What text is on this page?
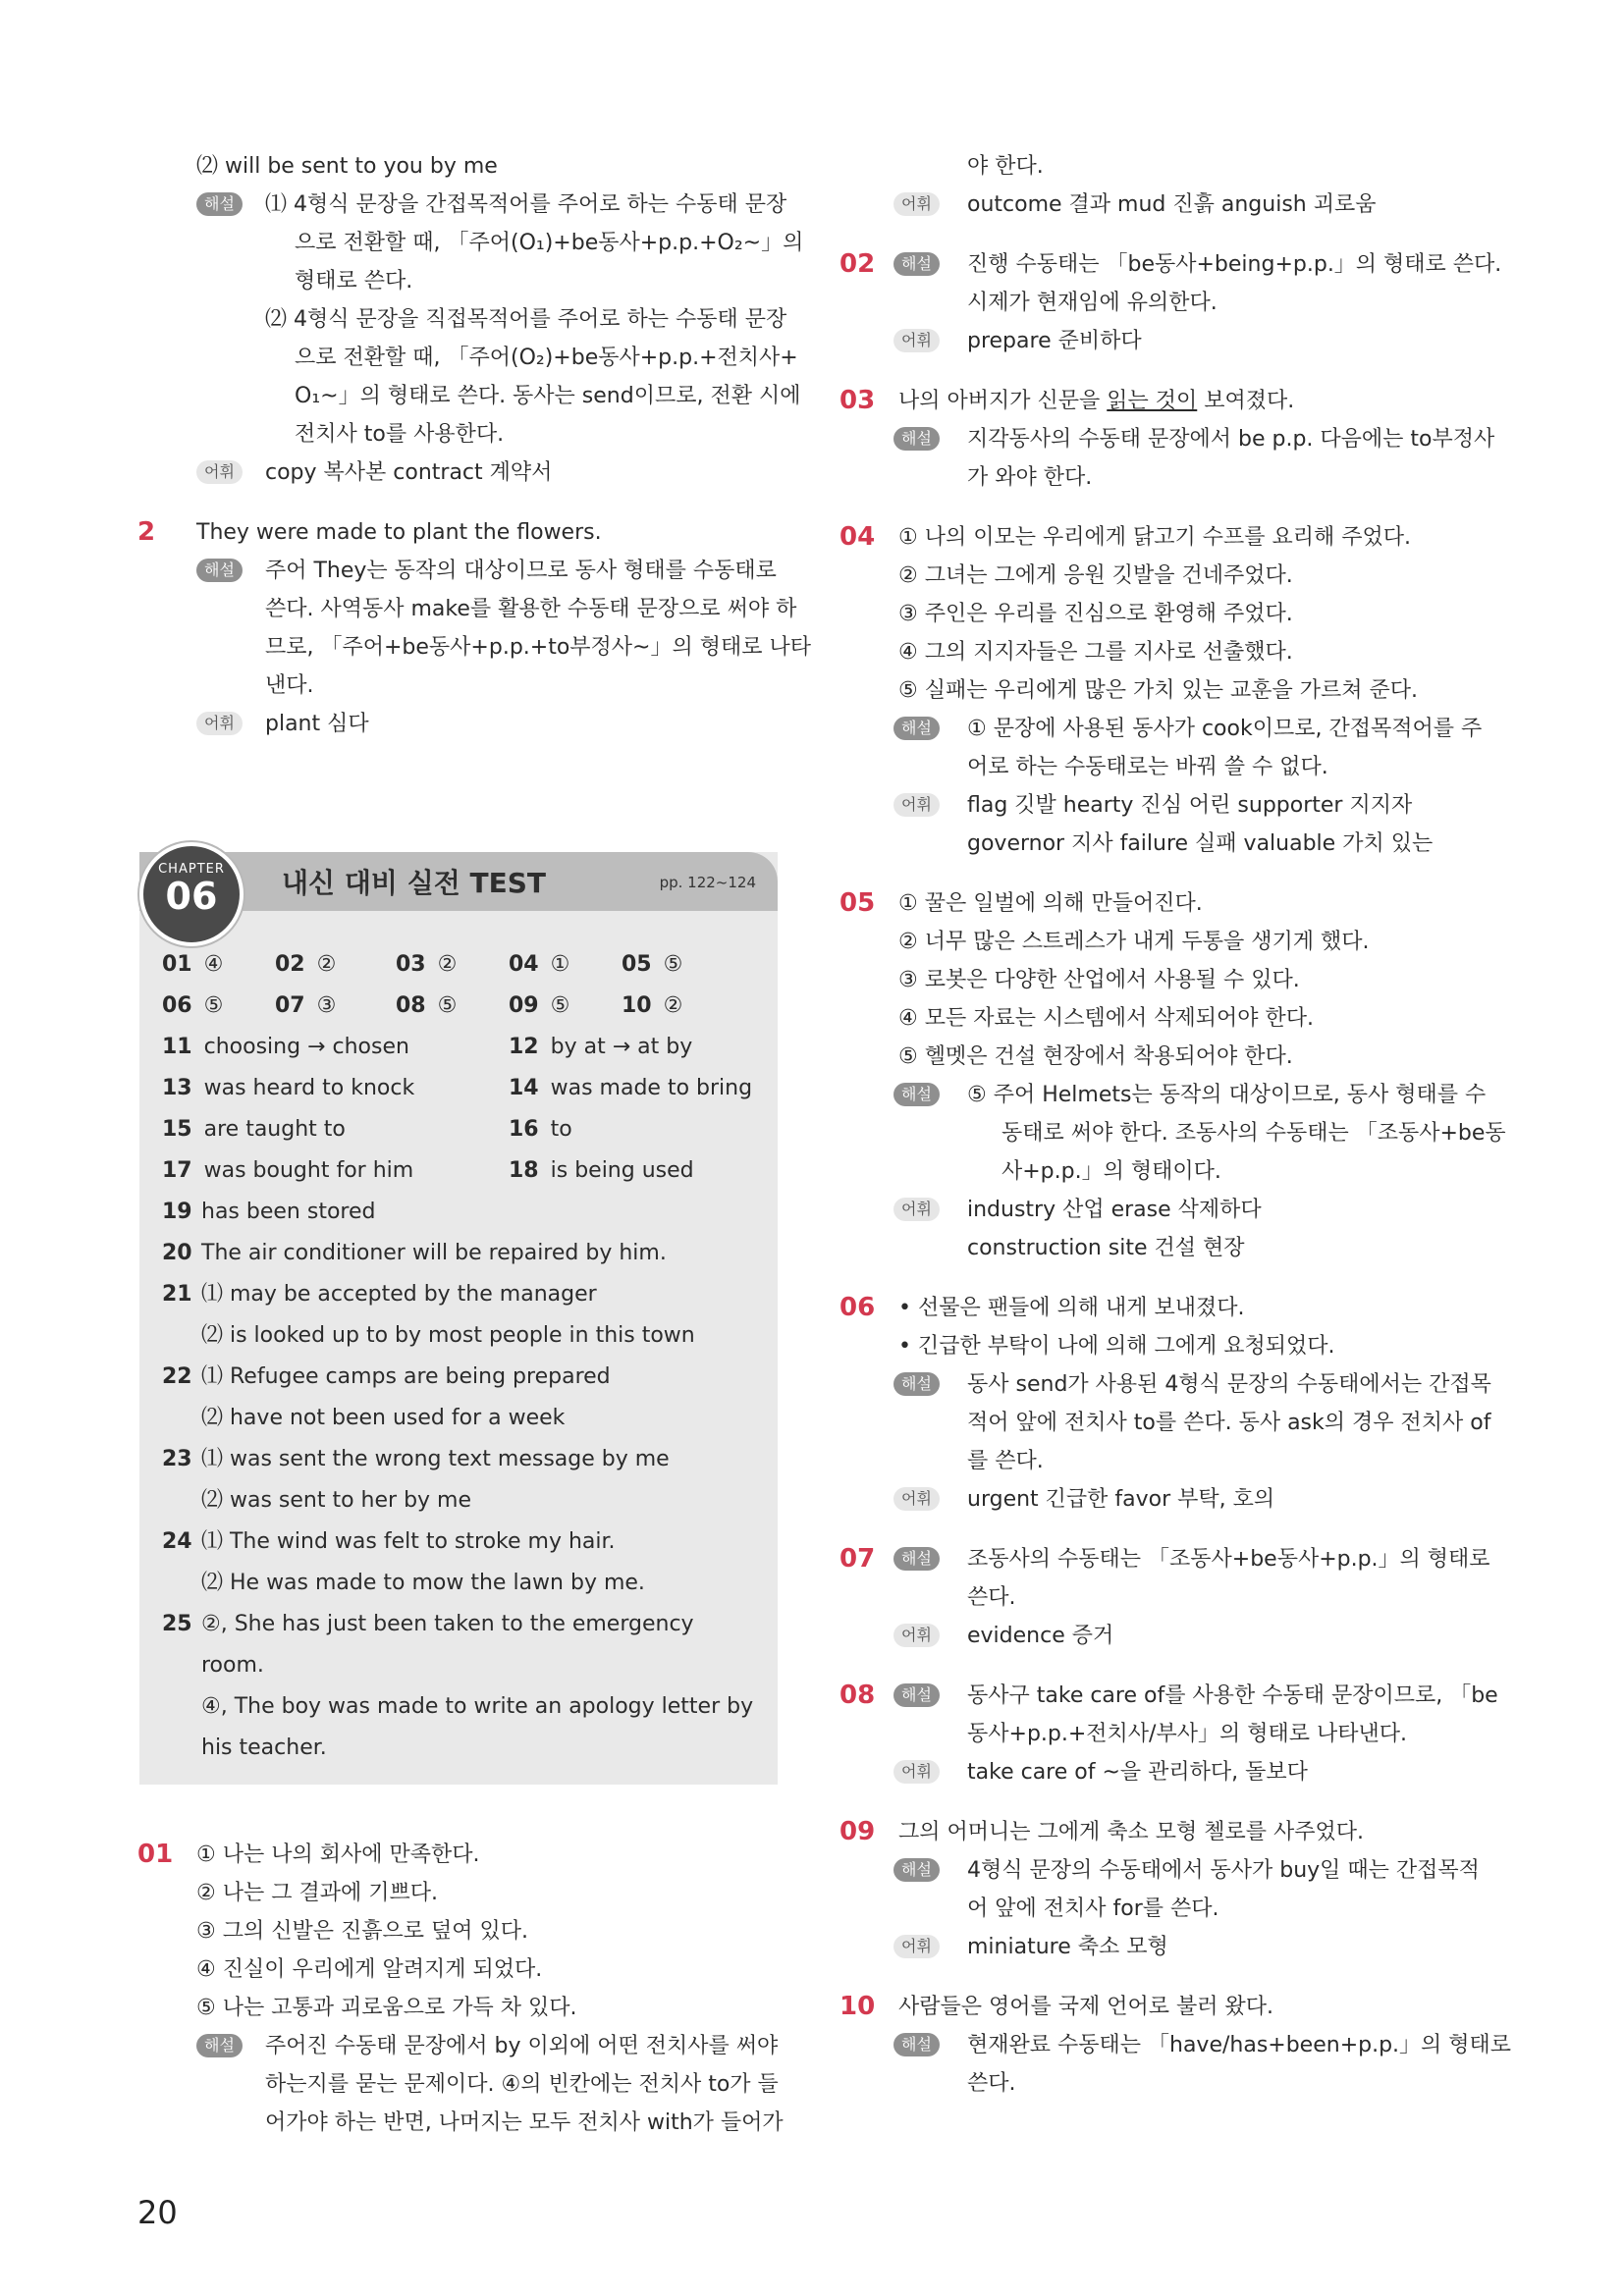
⑵ will be sent to you by me
해설	⑴ 4형식 문장을 간접목적어를 주어로 하는 수동태 문장
으로 전환할 때, 「주어(O₁)+be동사+p.p.+O₂~」의
형태로 쓴다.
⑵ 4형식 문장을 직접목적어를 주어로 하는 수동태 문장
으로 전환할 때, 「주어(O₂)+be동사+p.p.+전치사+
O₁~」의 형태로 쓴다. 동사는 send이므로, 전환 시에
전치사 to를 사용한다.
어휘	copy 복사본 contract 계약서
2 They were made to plant the flowers.
해설	주어 They는 동작의 대상이므로 동사 형태를 수동태로
쓴다. 사역동사 make를 활용한 수동태 문장으로 써야 하
므로, 「주어+be동사+p.p.+to부정사~」의 형태로 나타
낸다.
어휘	plant 심다
내신 대비 실전 TEST	pp. 122~124
CHAPTER
06
01 ④ 02 ②	03 ② 04 ① 05 ⑤
06 ⑤ 07 ③	08 ⑤ 09 ⑤ 10 ②
11 choosing → chosen	12 by at → at by
13 was heard to knock	14 was made to bring
15 are taught to	16 to
17 was bought for him	18 is being used
19 has been stored
20 The air conditioner will be repaired by him.
21 ⑴ may be accepted by the manager
⑵ is looked up to by most people in this town
22 ⑴ Refugee camps are being prepared
⑵ have not been used for a week
23 ⑴ was sent the wrong text message by me
⑵ was sent to her by me
24 ⑴ The wind was felt to stroke my hair.
⑵ He was made to mow the lawn by me.
25 ②, She has just been taken to the emergency
room.
④, The boy was made to write an apology letter by
his teacher.
01 ① 나는 나의 회사에 만족한다.
② 나는 그 결과에 기쁘다.
③ 그의 신발은 진흙으로 덮여 있다.
④ 진실이 우리에게 알려지게 되었다.
⑤ 나는 고통과 괴로움으로 가득 차 있다.
해설	주어진 수동태 문장에서 by 이외에 어떤 전치사를 써야
하는지를 묻는 문제이다. ④의 빈칸에는 전치사 to가 들
어가야 하는 반면, 나머지는 모두 전치사 with가 들어가
야 한다.
어휘	outcome 결과 mud 진흙 anguish 괴로움
02	해설	진행 수동태는 「be동사+being+p.p.」의 형태로 쓴다.
시제가 현재임에 유의한다.
어휘	prepare 준비하다
03 나의 아버지가 신문을 읽는 것이 보여졌다.
해설	지각동사의 수동태 문장에서 be p.p. 다음에는 to부정사
가 와야 한다.
04 ① 나의 이모는 우리에게 닭고기 수프를 요리해 주었다.
② 그녀는 그에게 응원 깃발을 건네주었다.
③ 주인은 우리를 진심으로 환영해 주었다.
④ 그의 지지자들은 그를 지사로 선출했다.
⑤ 실패는 우리에게 많은 가치 있는 교훈을 가르쳐 준다.
해설	① 문장에 사용된 동사가 cook이므로, 간접목적어를 주
어로 하는 수동태로는 바꿔 쓸 수 없다.
어휘	flag 깃발 hearty 진심 어린 supporter 지지자
governor 지사 failure 실패 valuable 가치 있는
05 ① 꿀은 일벌에 의해 만들어진다.
② 너무 많은 스트레스가 내게 두통을 생기게 했다.
③ 로봇은 다양한 산업에서 사용될 수 있다.
④ 모든 자료는 시스템에서 삭제되어야 한다.
⑤ 헬멧은 건설 현장에서 착용되어야 한다.
해설	⑤ 주어 Helmets는 동작의 대상이므로, 동사 형태를 수
동태로 써야 한다. 조동사의 수동태는 「조동사+be동
사+p.p.」의 형태이다.
어휘	industry 산업 erase 삭제하다
construction site 건설 현장
06 • 선물은 팬들에 의해 내게 보내졌다.
• 긴급한 부탁이 나에 의해 그에게 요청되었다.
해설	동사 send가 사용된 4형식 문장의 수동태에서는 간접목
적어 앞에 전치사 to를 쓴다. 동사 ask의 경우 전치사 of
를 쓴다.
어휘	urgent 긴급한 favor 부탁, 호의
07	해설	조동사의 수동태는 「조동사+be동사+p.p.」의 형태로
쓴다.
어휘	evidence 증거
08	해설	동사구 take care of를 사용한 수동태 문장이므로, 「be
동사+p.p.+전치사/부사」의 형태로 나타낸다.
어휘	take care of ~을 관리하다, 돌보다
09 그의 어머니는 그에게 축소 모형 첼로를 사주었다.
해설	4형식 문장의 수동태에서 동사가 buy일 때는 간접목적
어 앞에 전치사 for를 쓴다.
어휘	miniature 축소 모형
10 사람들은 영어를 국제 언어로 불러 왔다.
해설	현재완료 수동태는 「have/has+been+p.p.」의 형태로
쓴다.
20
